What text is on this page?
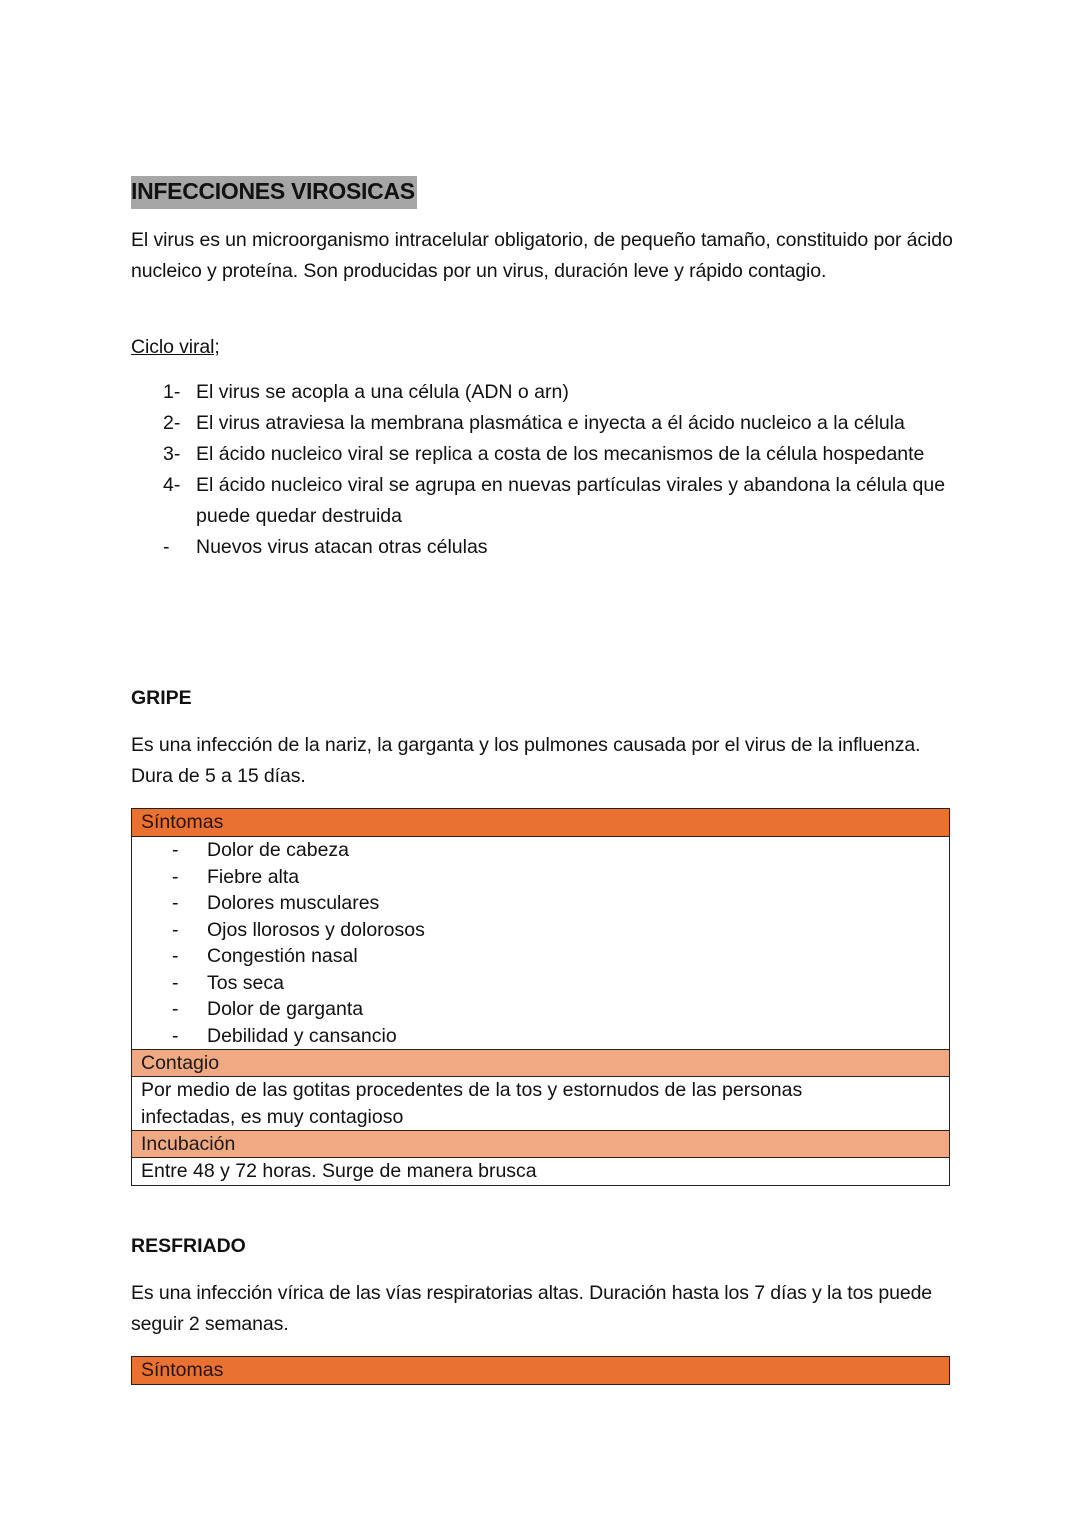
INFECCIONES VIROSICAS
El virus es un microorganismo intracelular obligatorio, de pequeño tamaño, constituido por ácido nucleico y proteína. Son producidas por un virus, duración leve y rápido contagio.
Ciclo viral;
1- El virus se acopla a una célula (ADN o arn)
2- El virus atraviesa la membrana plasmática e inyecta a él ácido nucleico a la célula
3- El ácido nucleico viral se replica a costa de los mecanismos de la célula hospedante
4- El ácido nucleico viral se agrupa en nuevas partículas virales y abandona la célula que puede quedar destruida
-	Nuevos virus atacan otras células
GRIPE
Es una infección de la nariz, la garganta y los pulmones causada por el virus de la influenza. Dura de 5 a 15 días.
Síntomas
-	Dolor de cabeza
-	Fiebre alta
-	Dolores musculares
-	Ojos llorosos y dolorosos
-	Congestión nasal
-	Tos seca
-	Dolor de garganta
-	Debilidad y cansancio
Contagio
Por medio de las gotitas procedentes de la tos y estornudos de las personas infectadas, es muy contagioso
Incubación
Entre 48 y 72 horas. Surge de manera brusca
RESFRIADO
Es una infección vírica de las vías respiratorias altas. Duración hasta los 7 días y la tos puede seguir 2 semanas.
Síntomas
